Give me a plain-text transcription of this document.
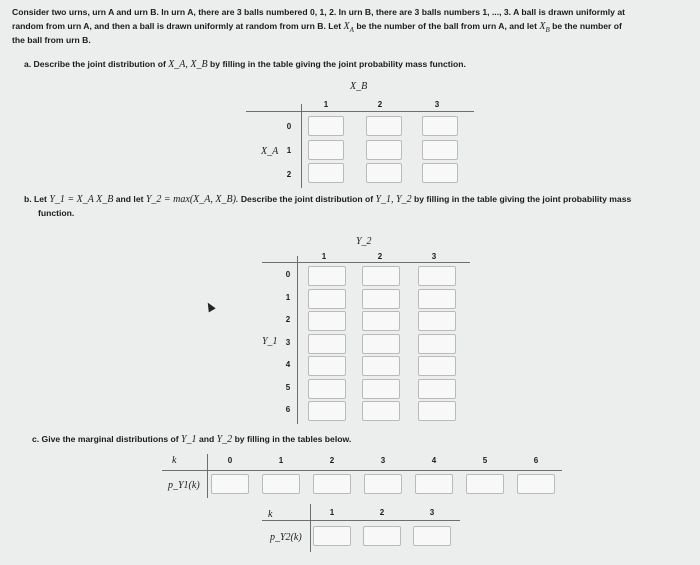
Consider two urns, urn A and urn B. In urn A, there are 3 balls numbered 0, 1, 2. In urn B, there are 3 balls numbers 1, ..., 3. A ball is drawn uniformly at
random from urn A, and then a ball is drawn uniformly at random from urn B. Let $X_A$ be the number of the ball from urn A, and let $X_B$ be the number of
the ball from urn B.
a. Describe the joint distribution of X_A, X_B by filling in the table giving the joint probability mass function.
X_B
X_A
1	2	3
0
1
2
b. Let Y_1 = X_A X_B and let Y_2 = max(X_A, X_B). Describe the joint distribution of Y_1, Y_2 by filling in the table giving the joint probability mass
function.
Y_2
Y_1
1	2	3
0
1
2
3
4
5
6
c. Give the marginal distributions of Y_1 and Y_2 by filling in the tables below.
k
p_Y1(k)
0	1	2	3	4	5	6
k
p_Y2(k)
1	2	3
